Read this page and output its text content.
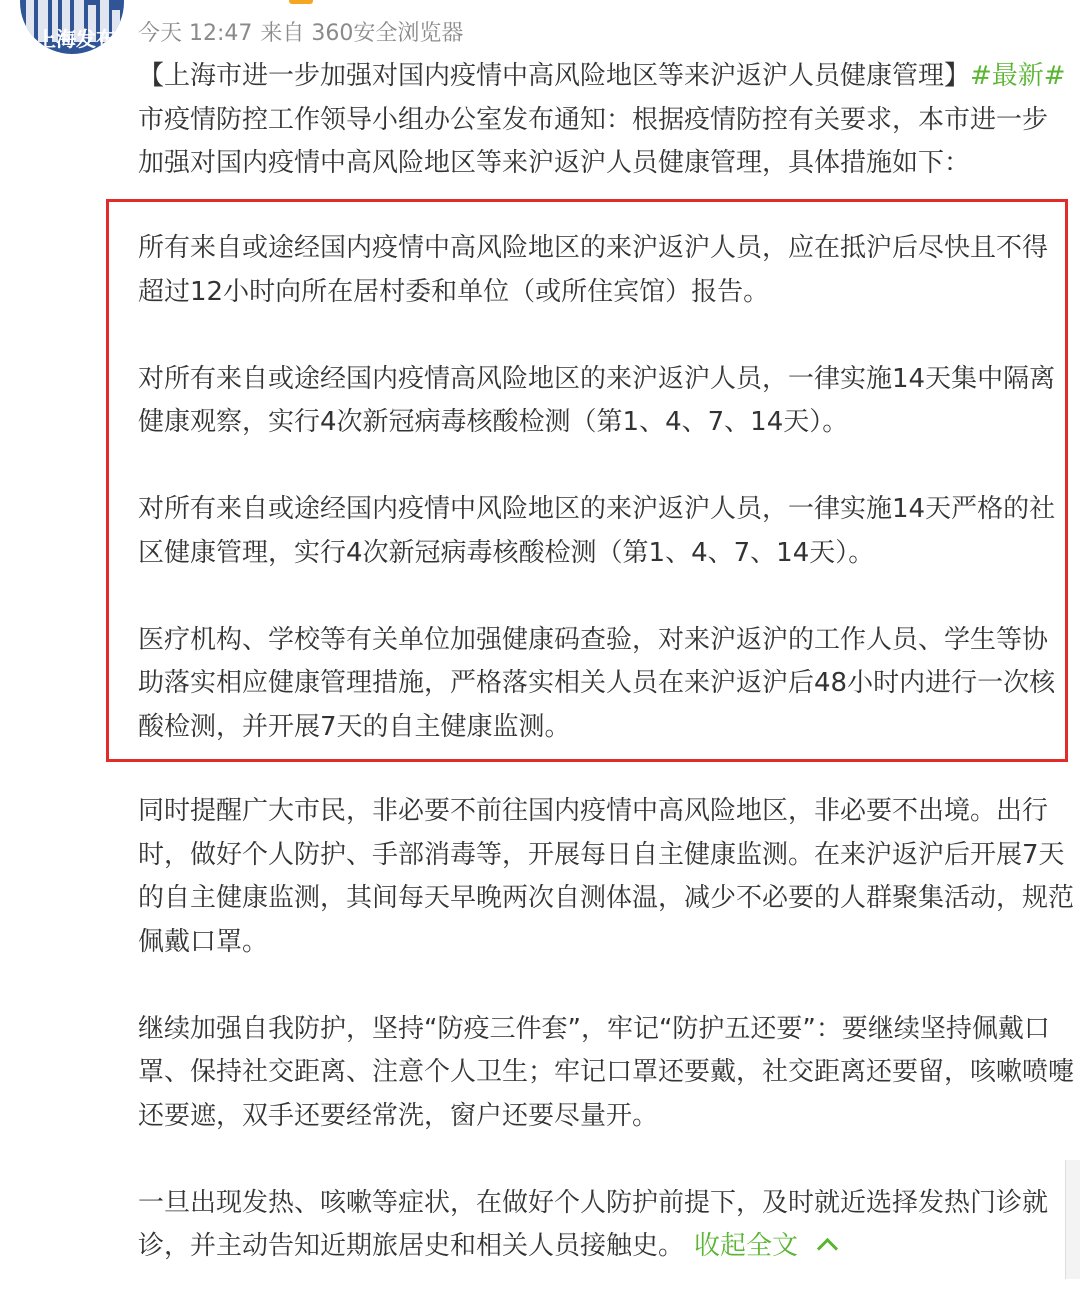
上海发布	今天 12:47 来自 360安全浏览器

【上海市进一步加强对国内疫情中高风险地区等来沪返沪人员健康管理】#最新#市疫情防控工作领导小组办公室发布通知：根据疫情防控有关要求，本市进一步加强对国内疫情中高风险地区等来沪返沪人员健康管理，具体措施如下：

所有来自或途经国内疫情中高风险地区的来沪返沪人员，应在抵沪后尽快且不得超过12小时向所在居村委和单位（或所住宾馆）报告。

对所有来自或途经国内疫情高风险地区的来沪返沪人员，一律实施14天集中隔离健康观察，实行4次新冠病毒核酸检测（第1、4、7、14天）。

对所有来自或途经国内疫情中风险地区的来沪返沪人员，一律实施14天严格的社区健康管理，实行4次新冠病毒核酸检测（第1、4、7、14天）。

医疗机构、学校等有关单位加强健康码查验，对来沪返沪的工作人员、学生等协助落实相应健康管理措施，严格落实相关人员在来沪返沪后48小时内进行一次核酸检测，并开展7天的自主健康监测。

同时提醒广大市民，非必要不前往国内疫情中高风险地区，非必要不出境。出行时，做好个人防护、手部消毒等，开展每日自主健康监测。在来沪返沪后开展7天的自主健康监测，其间每天早晚两次自测体温，减少不必要的人群聚集活动，规范佩戴口罩。

继续加强自我防护，坚持“防疫三件套”，牢记“防护五还要”：要继续坚持佩戴口罩、保持社交距离、注意个人卫生；牢记口罩还要戴，社交距离还要留，咳嗽喷嚏还要遮，双手还要经常洗，窗户还要尽量开。

一旦出现发热、咳嗽等症状，在做好个人防护前提下，及时就近选择发热门诊就诊，并主动告知近期旅居史和相关人员接触史。 收起全文
